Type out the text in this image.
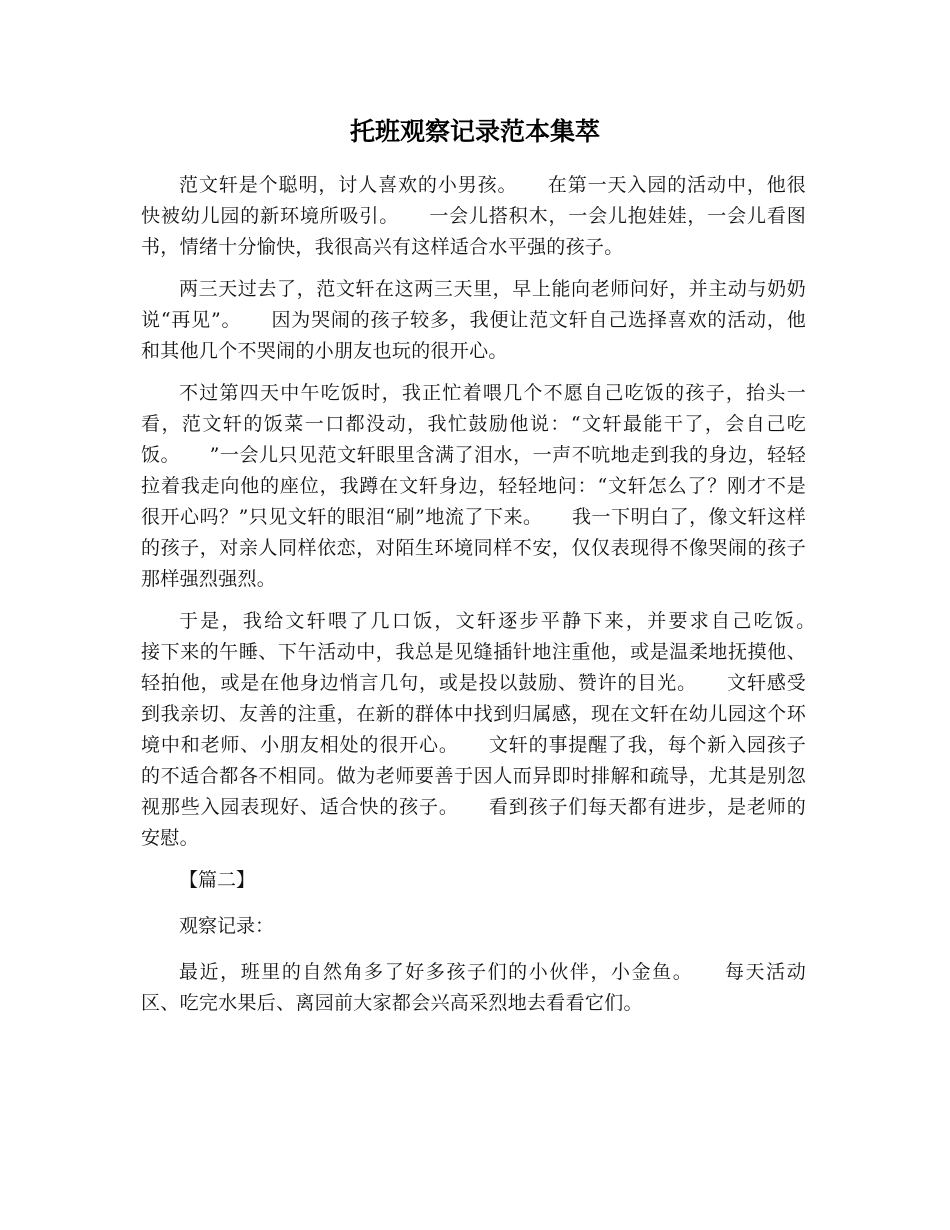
托班观察记录范本集萃

范文轩是个聪明，讨人喜欢的小男孩。　　在第一天入园的活动中，他很快被幼儿园的新环境所吸引。　　一会儿搭积木，一会儿抱娃娃，一会儿看图书，情绪十分愉快，我很高兴有这样适合水平强的孩子。

两三天过去了，范文轩在这两三天里，早上能向老师问好，并主动与奶奶说“再见”。　　因为哭闹的孩子较多，我便让范文轩自己选择喜欢的活动，他和其他几个不哭闹的小朋友也玩的很开心。

不过第四天中午吃饭时，我正忙着喂几个不愿自己吃饭的孩子，抬头一看，范文轩的饭菜一口都没动，我忙鼓励他说：“文轩最能干了，会自己吃饭。　　”一会儿只见范文轩眼里含满了泪水，一声不吭地走到我的身边，轻轻拉着我走向他的座位，我蹲在文轩身边，轻轻地问：“文轩怎么了？刚才不是很开心吗？”只见文轩的眼泪“刷”地流了下来。　　我一下明白了，像文轩这样的孩子，对亲人同样依恋，对陌生环境同样不安，仅仅表现得不像哭闹的孩子那样强烈强烈。

于是，我给文轩喂了几口饭，文轩逐步平静下来，并要求自己吃饭。　　接下来的午睡、下午活动中，我总是见缝插针地注重他，或是温柔地抚摸他、轻拍他，或是在他身边悄言几句，或是投以鼓励、赞许的目光。　　文轩感受到我亲切、友善的注重，在新的群体中找到归属感，现在文轩在幼儿园这个环境中和老师、小朋友相处的很开心。　　文轩的事提醒了我，每个新入园孩子的不适合都各不相同。做为老师要善于因人而异即时排解和疏导，尤其是别忽视那些入园表现好、适合快的孩子。　　看到孩子们每天都有进步，是老师的安慰。

【篇二】

观察记录：

最近，班里的自然角多了好多孩子们的小伙伴，小金鱼。　　每天活动区、吃完水果后、离园前大家都会兴高采烈地去看看它们。
